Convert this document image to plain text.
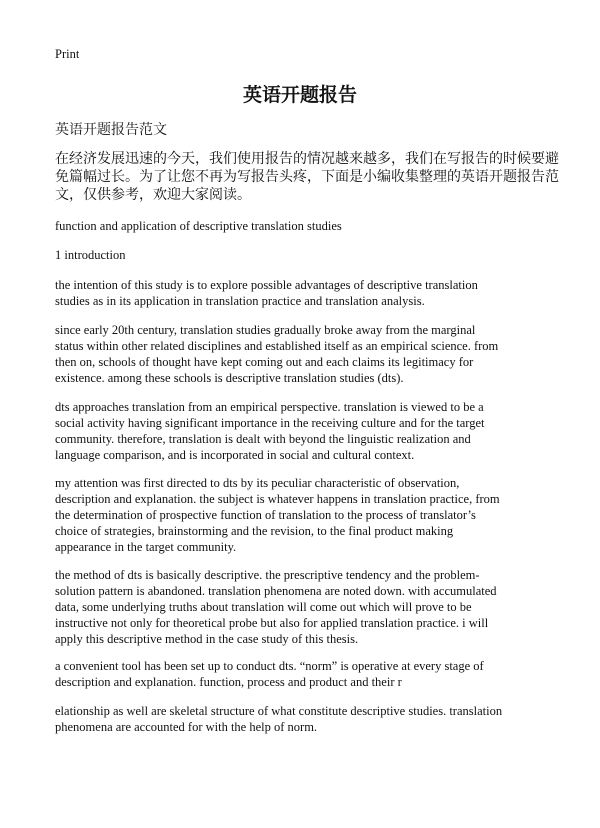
Print
英语开题报告
英语开题报告范文
在经济发展迅速的今天，我们使用报告的情况越来越多，我们在写报告的时候要避
免篇幅过长。为了让您不再为写报告头疼，下面是小编收集整理的英语开题报告范
文，仅供参考，欢迎大家阅读。
function and application of descriptive translation studies
1 introduction
the intention of this study is to explore possible advantages of descriptive translation
studies as in its application in translation practice and translation analysis.
since early 20th century, translation studies gradually broke away from the marginal
status within other related disciplines and established itself as an empirical science. from
then on, schools of thought have kept coming out and each claims its legitimacy for
existence. among these schools is descriptive translation studies (dts).
dts approaches translation from an empirical perspective. translation is viewed to be a
social activity having significant importance in the receiving culture and for the target
community. therefore, translation is dealt with beyond the linguistic realization and
language comparison, and is incorporated in social and cultural context.
my attention was first directed to dts by its peculiar characteristic of observation,
description and explanation. the subject is whatever happens in translation practice, from
the determination of prospective function of translation to the process of translator’s
choice of strategies, brainstorming and the revision, to the final product making
appearance in the target community.
the method of dts is basically descriptive. the prescriptive tendency and the problem-
solution pattern is abandoned. translation phenomena are noted down. with accumulated
data, some underlying truths about translation will come out which will prove to be
instructive not only for theoretical probe but also for applied translation practice. i will
apply this descriptive method in the case study of this thesis.
a convenient tool has been set up to conduct dts. “norm” is operative at every stage of
description and explanation. function, process and product and their r
elationship as well are skeletal structure of what constitute descriptive studies. translation
phenomena are accounted for with the help of norm.
